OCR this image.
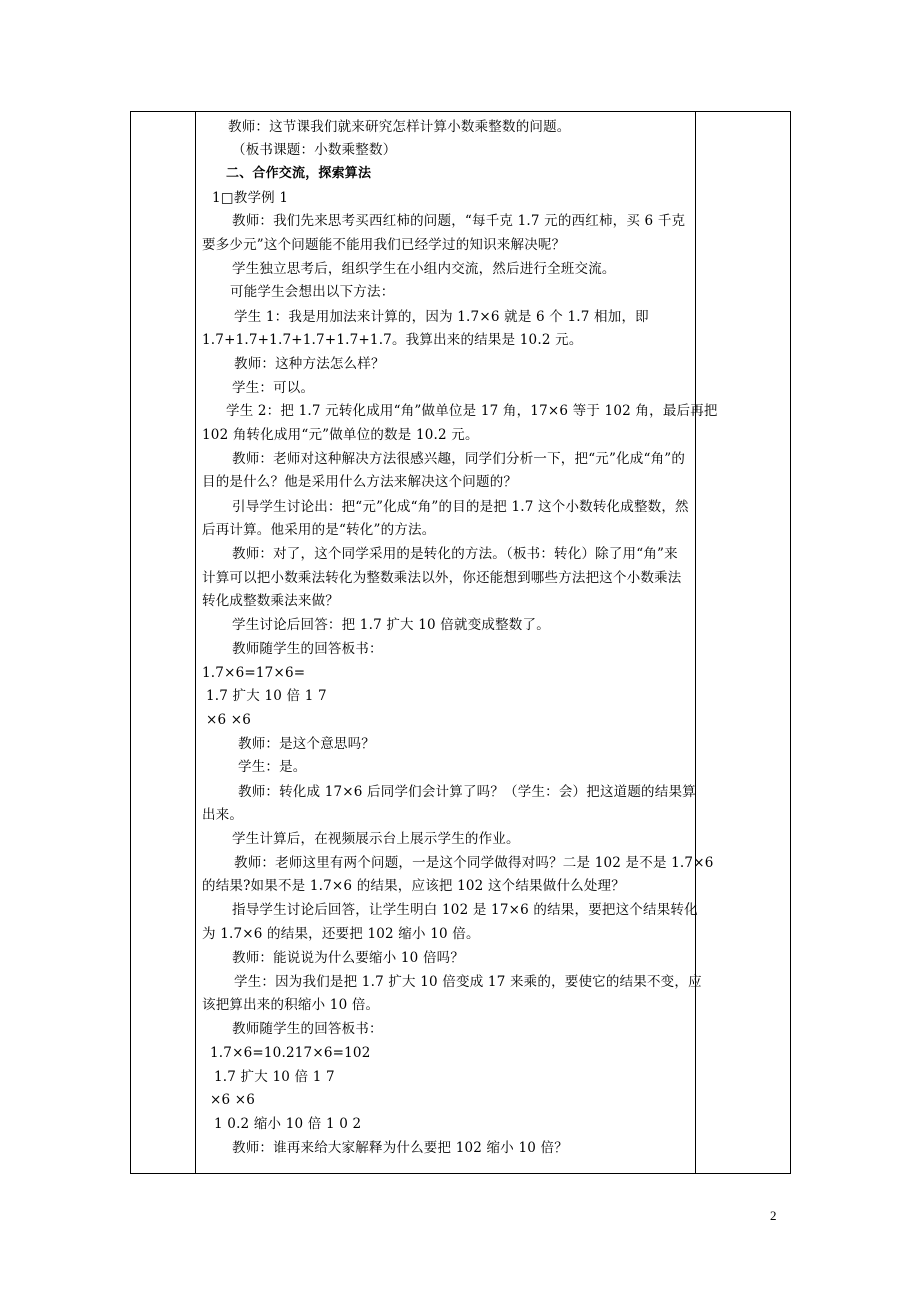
教师：这节课我们就来研究怎样计算小数乘整数的问题。
（板书课题：小数乘整数）
二、合作交流，探索算法
1□教学例 1
教师：我们先来思考买西红柿的问题，“每千克 1.7 元的西红柿，买 6 千克
要多少元”这个问题能不能用我们已经学过的知识来解决呢？
学生独立思考后，组织学生在小组内交流，然后进行全班交流。
可能学生会想出以下方法：
学生 1：我是用加法来计算的，因为 1.7×6 就是 6 个 1.7 相加，即
1.7+1.7+1.7+1.7+1.7+1.7。我算出来的结果是 10.2 元。
教师：这种方法怎么样？
学生：可以。
学生 2：把 1.7 元转化成用“角”做单位是 17 角，17×6 等于 102 角，最后再把
102 角转化成用“元”做单位的数是 10.2 元。
教师：老师对这种解决方法很感兴趣，同学们分析一下，把“元”化成“角”的
目的是什么？他是采用什么方法来解决这个问题的？
引导学生讨论出：把“元”化成“角”的目的是把 1.7 这个小数转化成整数，然
后再计算。他采用的是“转化”的方法。
教师：对了，这个同学采用的是转化的方法。（板书：转化）除了用“角”来
计算可以把小数乘法转化为整数乘法以外，你还能想到哪些方法把这个小数乘法
转化成整数乘法来做？
学生讨论后回答：把 1.7 扩大 10 倍就变成整数了。
教师随学生的回答板书：
1.7×6=17×6=
1.7 扩大 10 倍 1 7
×6 ×6
教师：是这个意思吗？
学生：是。
教师：转化成 17×6 后同学们会计算了吗？（学生：会）把这道题的结果算
出来。
学生计算后，在视频展示台上展示学生的作业。
教师：老师这里有两个问题，一是这个同学做得对吗？二是 102 是不是 1.7×6
的结果?如果不是 1.7×6 的结果，应该把 102 这个结果做什么处理？
指导学生讨论后回答，让学生明白 102 是 17×6 的结果，要把这个结果转化
为 1.7×6 的结果，还要把 102 缩小 10 倍。
教师：能说说为什么要缩小 10 倍吗？
学生：因为我们是把 1.7 扩大 10 倍变成 17 来乘的，要使它的结果不变，应
该把算出来的积缩小 10 倍。
教师随学生的回答板书：
1.7×6=10.217×6=102
1.7 扩大 10 倍 1 7
×6 ×6
1 0.2 缩小 10 倍 1 0 2
教师：谁再来给大家解释为什么要把 102 缩小 10 倍？

2
